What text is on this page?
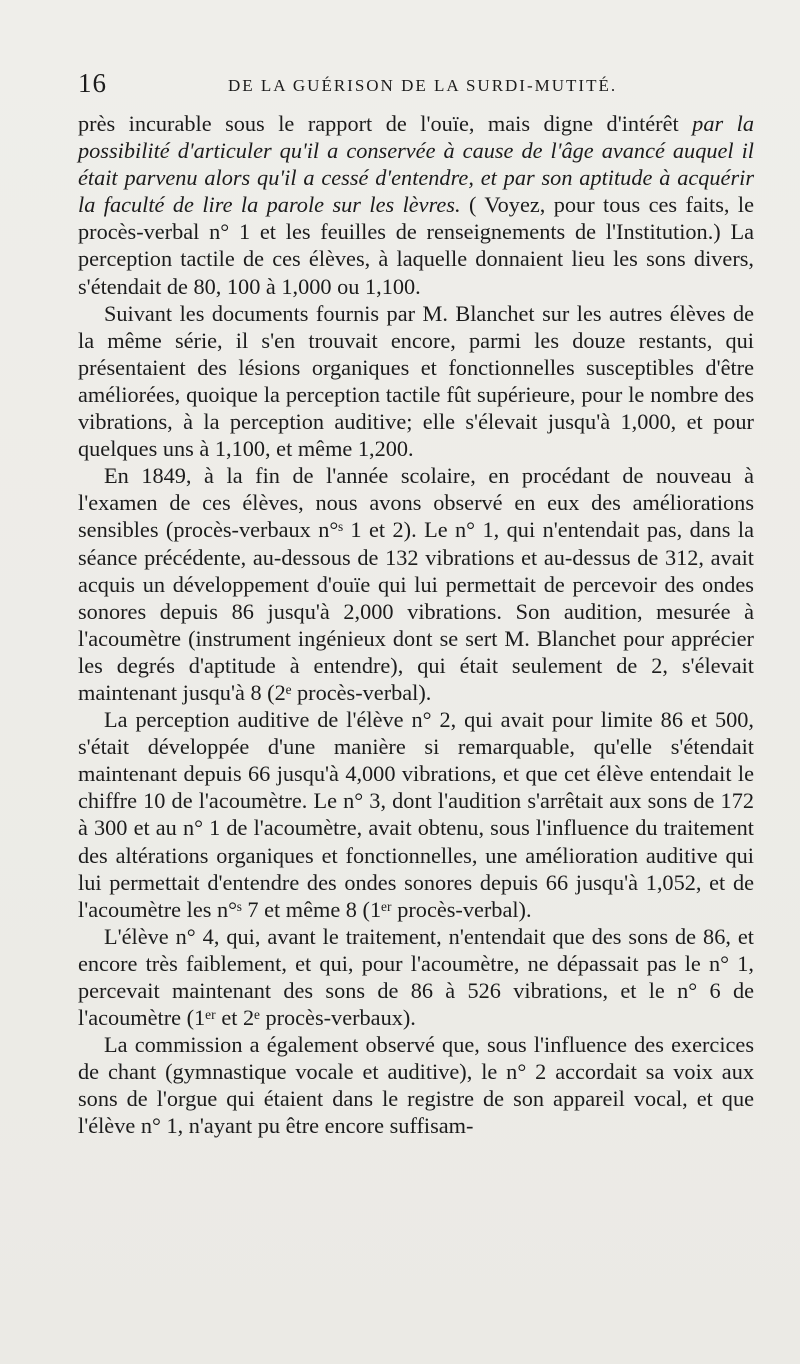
16	DE LA GUÉRISON DE LA SURDI-MUTITÉ.

près incurable sous le rapport de l'ouïe, mais digne d'intérêt par la possibilité d'articuler qu'il a conservée à cause de l'âge avancé auquel il était parvenu alors qu'il a cessé d'entendre, et par son aptitude à acquérir la faculté de lire la parole sur les lèvres. ( Voyez, pour tous ces faits, le procès-verbal n° 1 et les feuilles de renseignements de l'Institution.) La perception tactile de ces élèves, à laquelle donnaient lieu les sons divers, s'étendait de 80, 100 à 1,000 ou 1,100.

Suivant les documents fournis par M. Blanchet sur les autres élèves de la même série, il s'en trouvait encore, parmi les douze restants, qui présentaient des lésions organiques et fonctionnelles susceptibles d'être améliorées, quoique la perception tactile fût supérieure, pour le nombre des vibrations, à la perception auditive; elle s'élevait jusqu'à 1,000, et pour quelques uns à 1,100, et même 1,200.

En 1849, à la fin de l'année scolaire, en procédant de nouveau à l'examen de ces élèves, nous avons observé en eux des améliorations sensibles (procès-verbaux n°ˢ 1 et 2). Le n° 1, qui n'entendait pas, dans la séance précédente, au-dessous de 132 vibrations et au-dessus de 312, avait acquis un développement d'ouïe qui lui permettait de percevoir des ondes sonores depuis 86 jusqu'à 2,000 vibrations. Son audition, mesurée à l'acoumètre (instrument ingénieux dont se sert M. Blanchet pour apprécier les degrés d'aptitude à entendre), qui était seulement de 2, s'élevait maintenant jusqu'à 8 (2ᵉ procès-verbal).

La perception auditive de l'élève n° 2, qui avait pour limite 86 et 500, s'était développée d'une manière si remarquable, qu'elle s'étendait maintenant depuis 66 jusqu'à 4,000 vibrations, et que cet élève entendait le chiffre 10 de l'acoumètre. Le n° 3, dont l'audition s'arrêtait aux sons de 172 à 300 et au n° 1 de l'acoumètre, avait obtenu, sous l'influence du traitement des altérations organiques et fonctionnelles, une amélioration auditive qui lui permettait d'entendre des ondes sonores depuis 66 jusqu'à 1,052, et de l'acoumètre les n°ˢ 7 et même 8 (1ᵉʳ procès-verbal).

L'élève n° 4, qui, avant le traitement, n'entendait que des sons de 86, et encore très faiblement, et qui, pour l'acoumètre, ne dépassait pas le n° 1, percevait maintenant des sons de 86 à 526 vibrations, et le n° 6 de l'acoumètre (1ᵉʳ et 2ᵉ procès-verbaux).

La commission a également observé que, sous l'influence des exercices de chant (gymnastique vocale et auditive), le n° 2 accordait sa voix aux sons de l'orgue qui étaient dans le registre de son appareil vocal, et que l'élève n° 1, n'ayant pu être encore suffisam-
